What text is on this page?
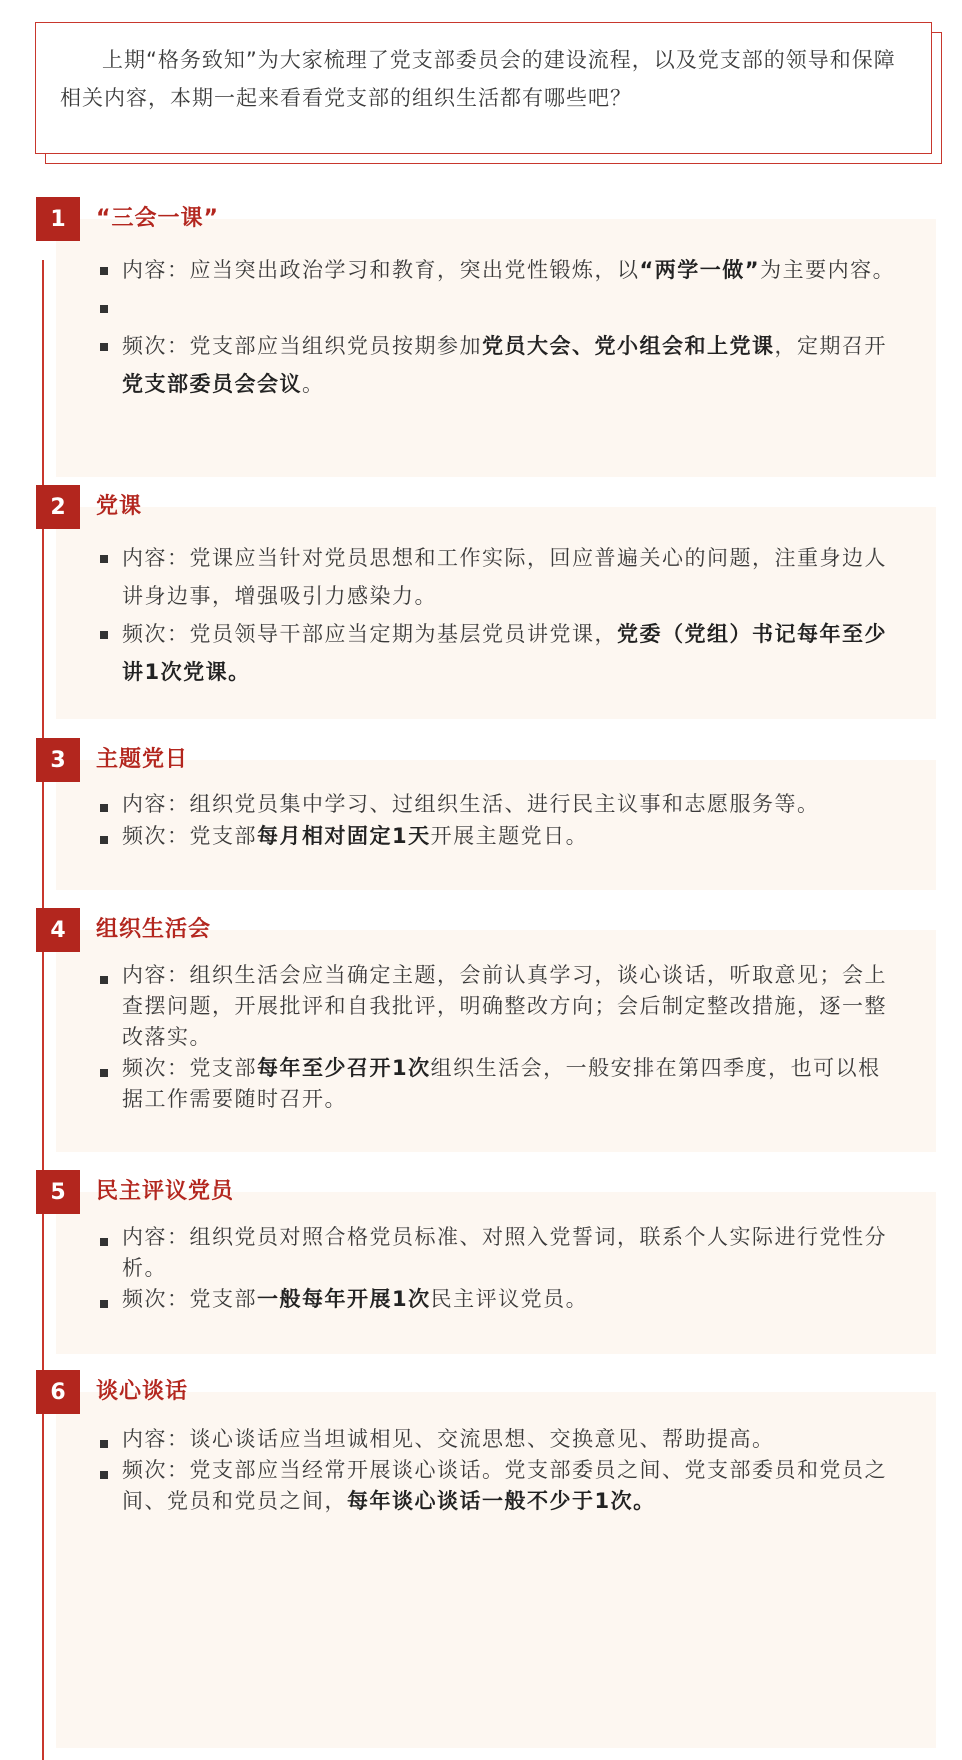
上期“格务致知”为大家梳理了党支部委员会的建设流程，以及党支部的领导和保障相关内容，本期一起来看看党支部的组织生活都有哪些吧？
1	“三会一课”
内容：应当突出政治学习和教育，突出党性锻炼，以“两学一做”为主要内容。
频次：党支部应当组织党员按期参加党员大会、党小组会和上党课，定期召开党支部委员会会议。
2	党课
内容：党课应当针对党员思想和工作实际，回应普遍关心的问题，注重身边人讲身边事，增强吸引力感染力。
频次：党员领导干部应当定期为基层党员讲党课，党委（党组）书记每年至少讲1次党课。
3	主题党日
内容：组织党员集中学习、过组织生活、进行民主议事和志愿服务等。
频次：党支部每月相对固定1天开展主题党日。
4	组织生活会
内容：组织生活会应当确定主题，会前认真学习，谈心谈话，听取意见；会上查摆问题，开展批评和自我批评，明确整改方向；会后制定整改措施，逐一整改落实。
频次：党支部每年至少召开1次组织生活会，一般安排在第四季度，也可以根据工作需要随时召开。
5	民主评议党员
内容：组织党员对照合格党员标准、对照入党誓词，联系个人实际进行党性分析。
频次：党支部一般每年开展1次民主评议党员。
6	谈心谈话
内容：谈心谈话应当坦诚相见、交流思想、交换意见、帮助提高。
频次：党支部应当经常开展谈心谈话。党支部委员之间、党支部委员和党员之间、党员和党员之间，每年谈心谈话一般不少于1次。
